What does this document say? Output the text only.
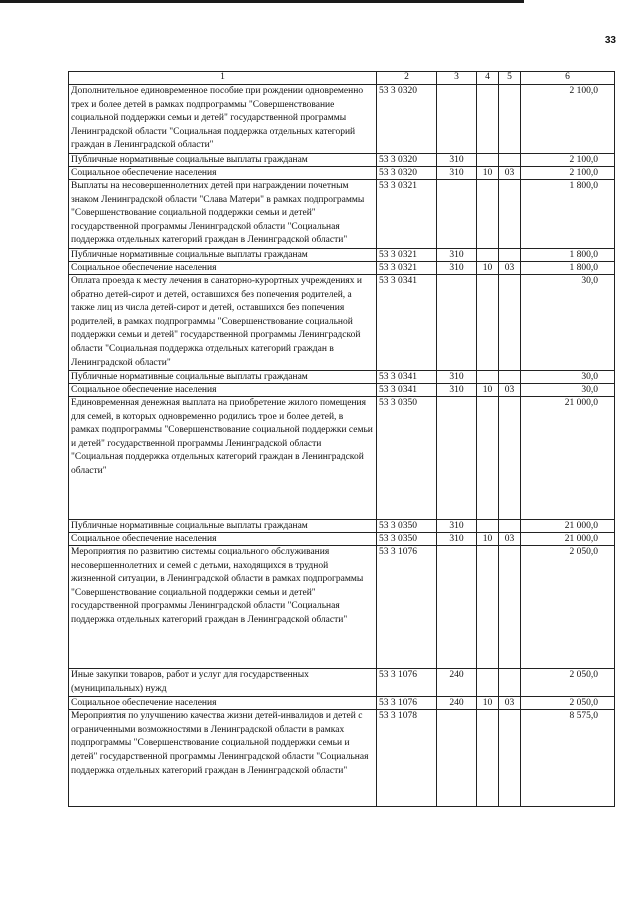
33
1	2	3	4	5	6
Дополнительное единовременное пособие при рождении одновременно трех и более детей в рамках подпрограммы "Совершенствование социальной поддержки семьи и детей" государственной программы Ленинградской области "Социальная поддержка отдельных категорий граждан в Ленинградской области"	53 3 0320				2 100,0
Публичные нормативные социальные выплаты гражданам	53 3 0320	310			2 100,0
Социальное обеспечение населения	53 3 0320	310	10	03	2 100,0
Выплаты на несовершеннолетних детей при награждении почетным знаком Ленинградской области "Слава Матери" в рамках подпрограммы "Совершенствование социальной поддержки семьи и детей" государственной программы Ленинградской области "Социальная поддержка отдельных категорий граждан в Ленинградской области"	53 3 0321				1 800,0
Публичные нормативные социальные выплаты гражданам	53 3 0321	310			1 800,0
Социальное обеспечение населения	53 3 0321	310	10	03	1 800,0
Оплата проезда к месту лечения в санаторно-курортных учреждениях и обратно детей-сирот и детей, оставшихся без попечения родителей, а также лиц из числа детей-сирот и детей, оставшихся без попечения родителей, в рамках подпрограммы "Совершенствование социальной поддержки семьи и детей" государственной программы Ленинградской области "Социальная поддержка отдельных категорий граждан в Ленинградской области"	53 3 0341				30,0
Публичные нормативные социальные выплаты гражданам	53 3 0341	310			30,0
Социальное обеспечение населения	53 3 0341	310	10	03	30,0
Единовременная денежная выплата на приобретение жилого помещения для семей, в которых одновременно родились трое и более детей, в рамках подпрограммы "Совершенствование социальной поддержки семьи и детей" государственной программы Ленинградской области "Социальная поддержка отдельных категорий граждан в Ленинградской области"	53 3 0350				21 000,0
Публичные нормативные социальные выплаты гражданам	53 3 0350	310			21 000,0
Социальное обеспечение населения	53 3 0350	310	10	03	21 000,0
Мероприятия по развитию системы социального обслуживания несовершеннолетних и семей с детьми, находящихся в трудной жизненной ситуации, в Ленинградской области в рамках подпрограммы "Совершенствование социальной поддержки семьи и детей" государственной программы Ленинградской области "Социальная поддержка отдельных категорий граждан в Ленинградской области"	53 3 1076				2 050,0
Иные закупки товаров, работ и услуг для государственных (муниципальных) нужд	53 3 1076	240			2 050,0
Социальное обеспечение населения	53 3 1076	240	10	03	2 050,0
Мероприятия по улучшению качества жизни детей-инвалидов и детей с ограниченными возможностями в Ленинградской области в рамках подпрограммы "Совершенствование социальной поддержки семьи и детей" государственной программы Ленинградской области "Социальная поддержка отдельных категорий граждан в Ленинградской области"	53 3 1078				8 575,0
